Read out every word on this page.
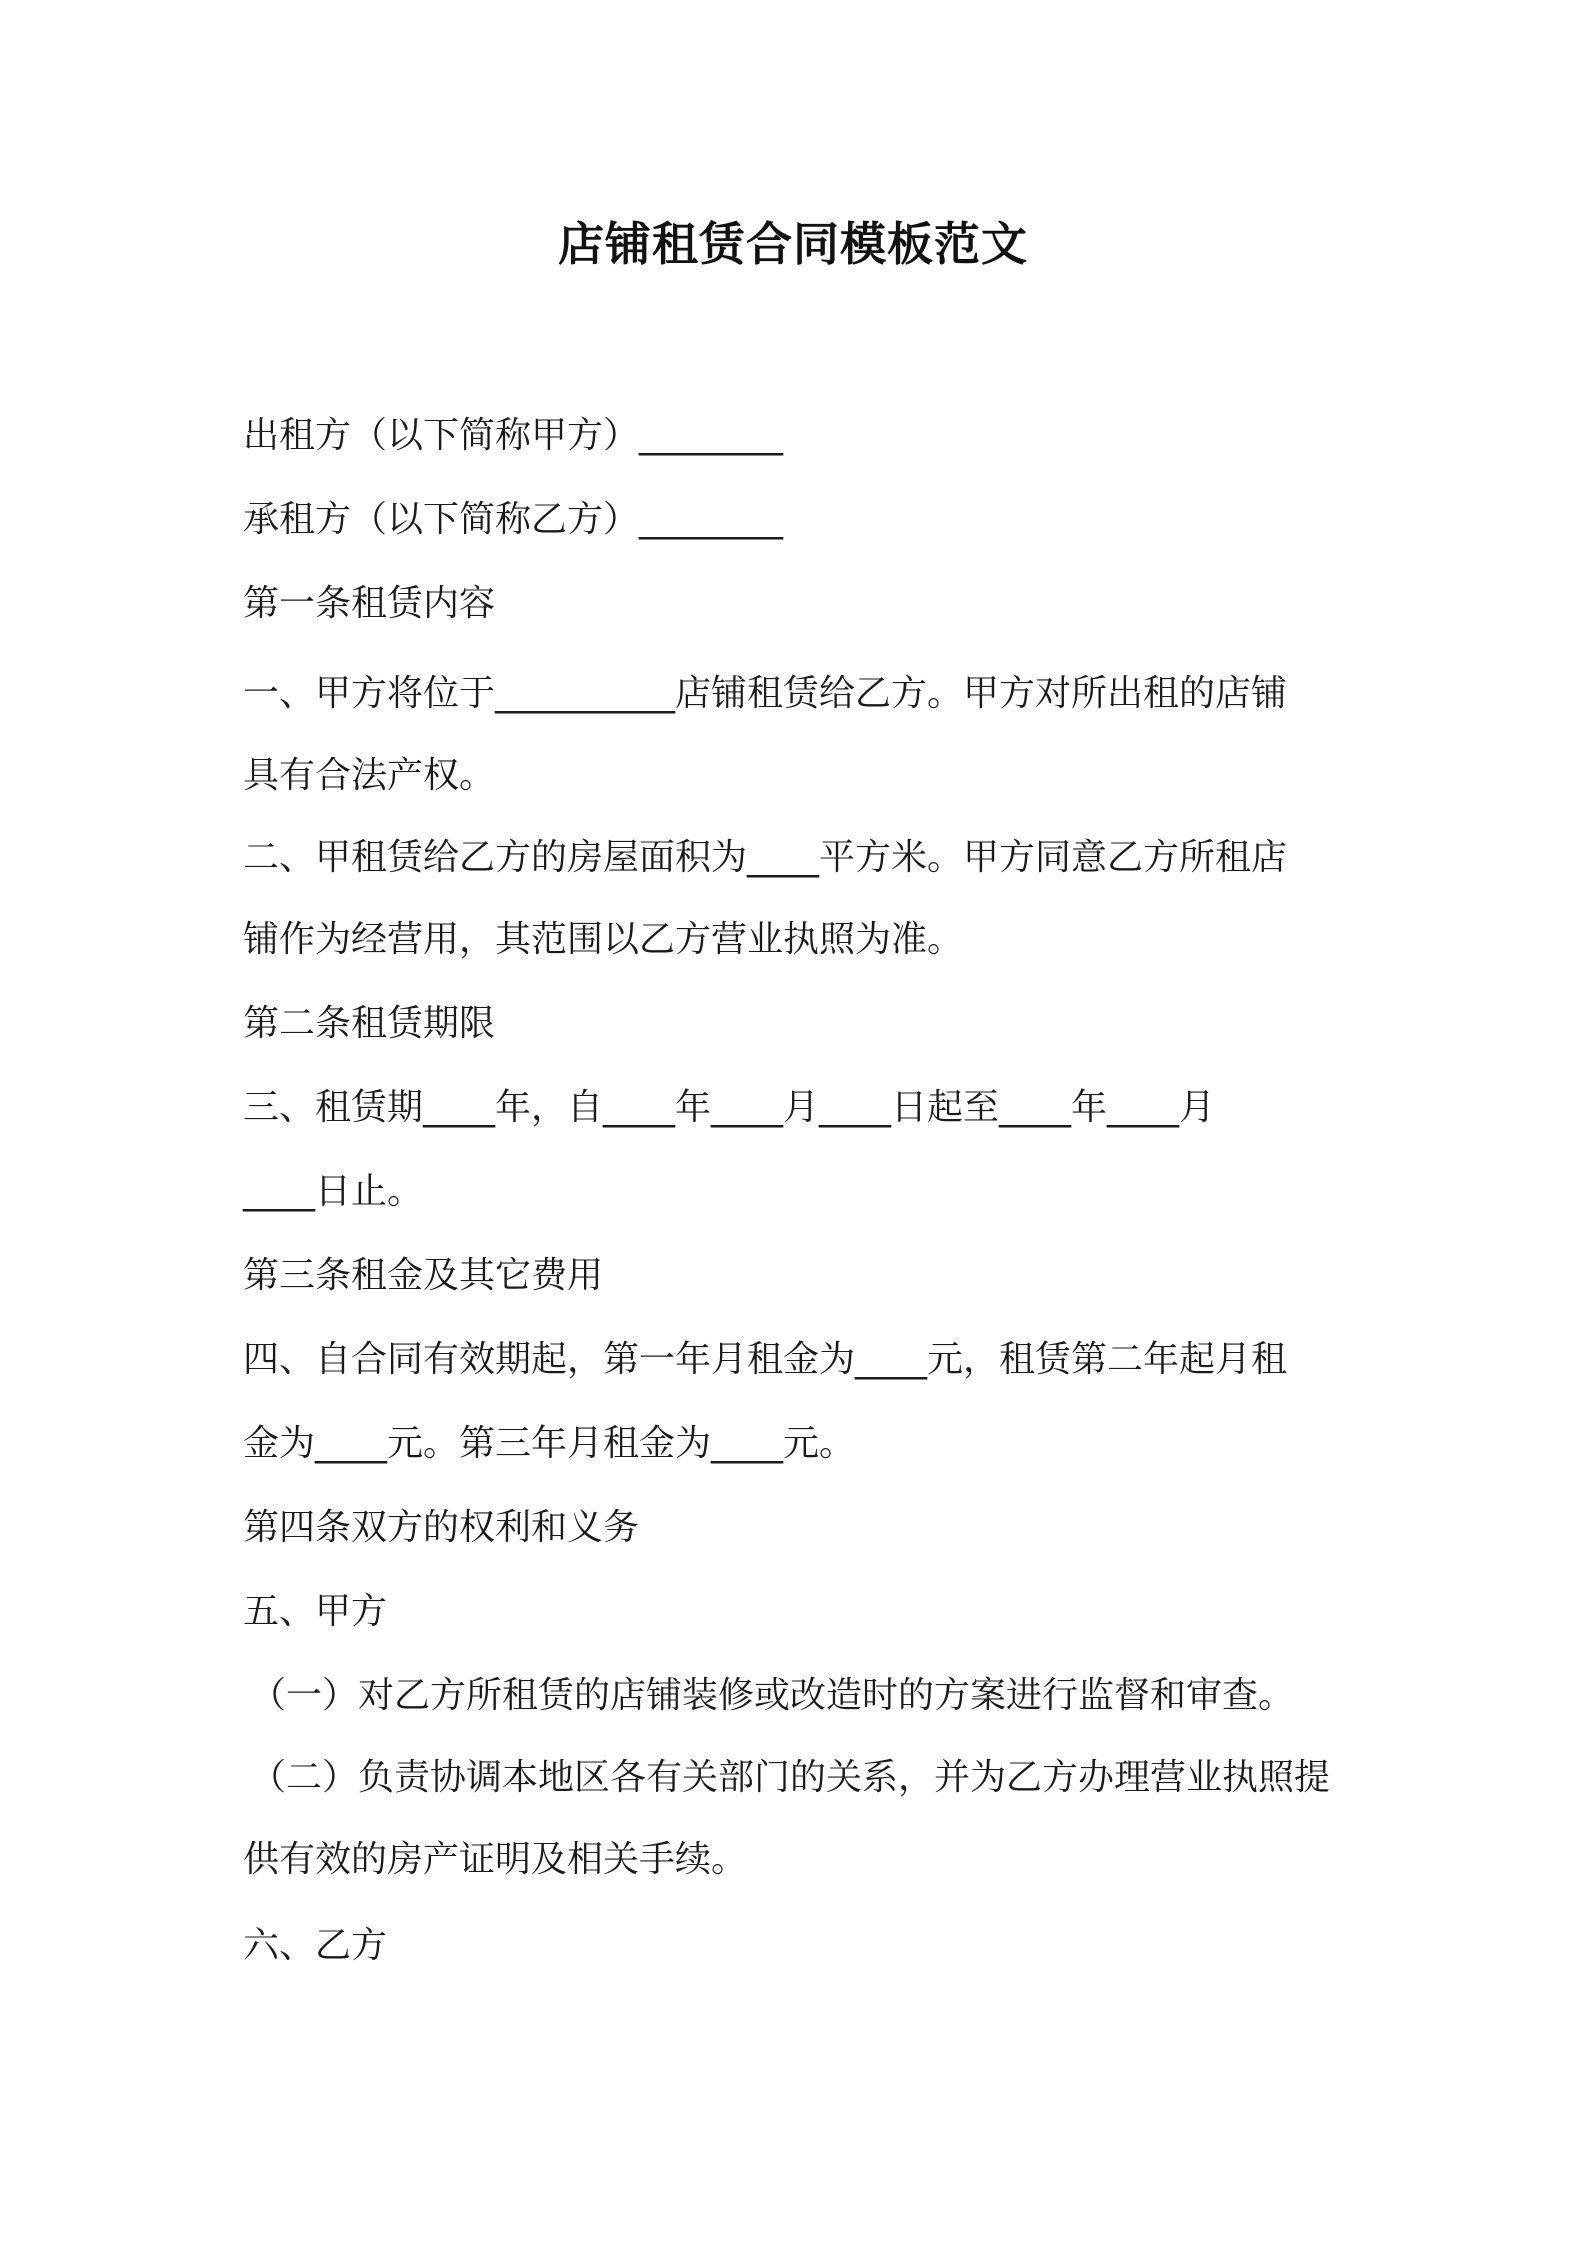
店铺租赁合同模板范文
出租方（以下简称甲方）________
承租方（以下简称乙方）________
第一条租赁内容
一、甲方将位于__________店铺租赁给乙方。甲方对所出租的店铺
具有合法产权。
二、甲租赁给乙方的房屋面积为____平方米。甲方同意乙方所租店
铺作为经营用，其范围以乙方营业执照为准。
第二条租赁期限
三、租赁期____年，自____年____月____日起至____年____月
____日止。
第三条租金及其它费用
四、自合同有效期起，第一年月租金为____元，租赁第二年起月租
金为____元。第三年月租金为____元。
第四条双方的权利和义务
五、甲方
（一）对乙方所租赁的店铺装修或改造时的方案进行监督和审查。
（二）负责协调本地区各有关部门的关系，并为乙方办理营业执照提
供有效的房产证明及相关手续。
六、乙方
